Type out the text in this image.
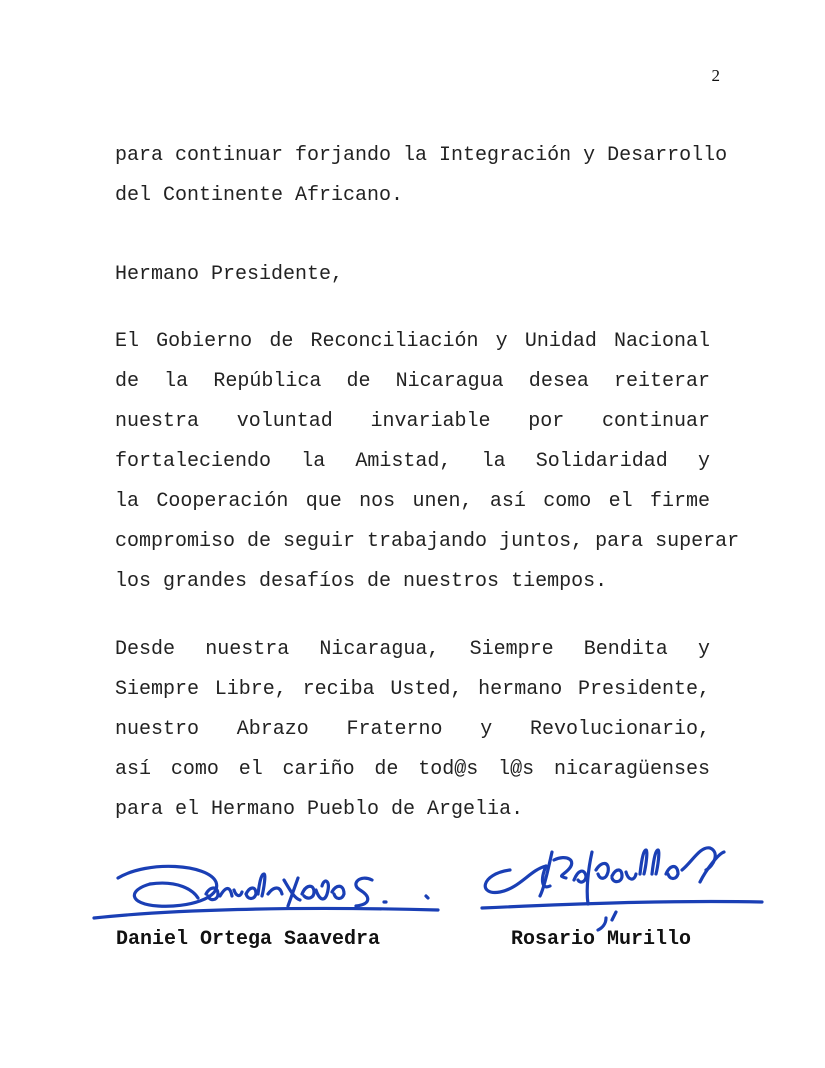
2
para continuar forjando la Integración y Desarrollo
del Continente Africano.
Hermano Presidente,
El Gobierno de Reconciliación y Unidad Nacional
de la República de Nicaragua desea reiterar
nuestra voluntad invariable por continuar
fortaleciendo la Amistad, la Solidaridad y
la Cooperación que nos unen, así como el firme
compromiso de seguir trabajando juntos, para superar
los grandes desafíos de nuestros tiempos.
Desde nuestra Nicaragua, Siempre Bendita y
Siempre Libre, reciba Usted, hermano Presidente,
nuestro Abrazo Fraterno y Revolucionario,
así como el cariño de tod@s l@s nicaragüenses
para el Hermano Pueblo de Argelia.
Daniel Ortega Saavedra	Rosario Murillo
